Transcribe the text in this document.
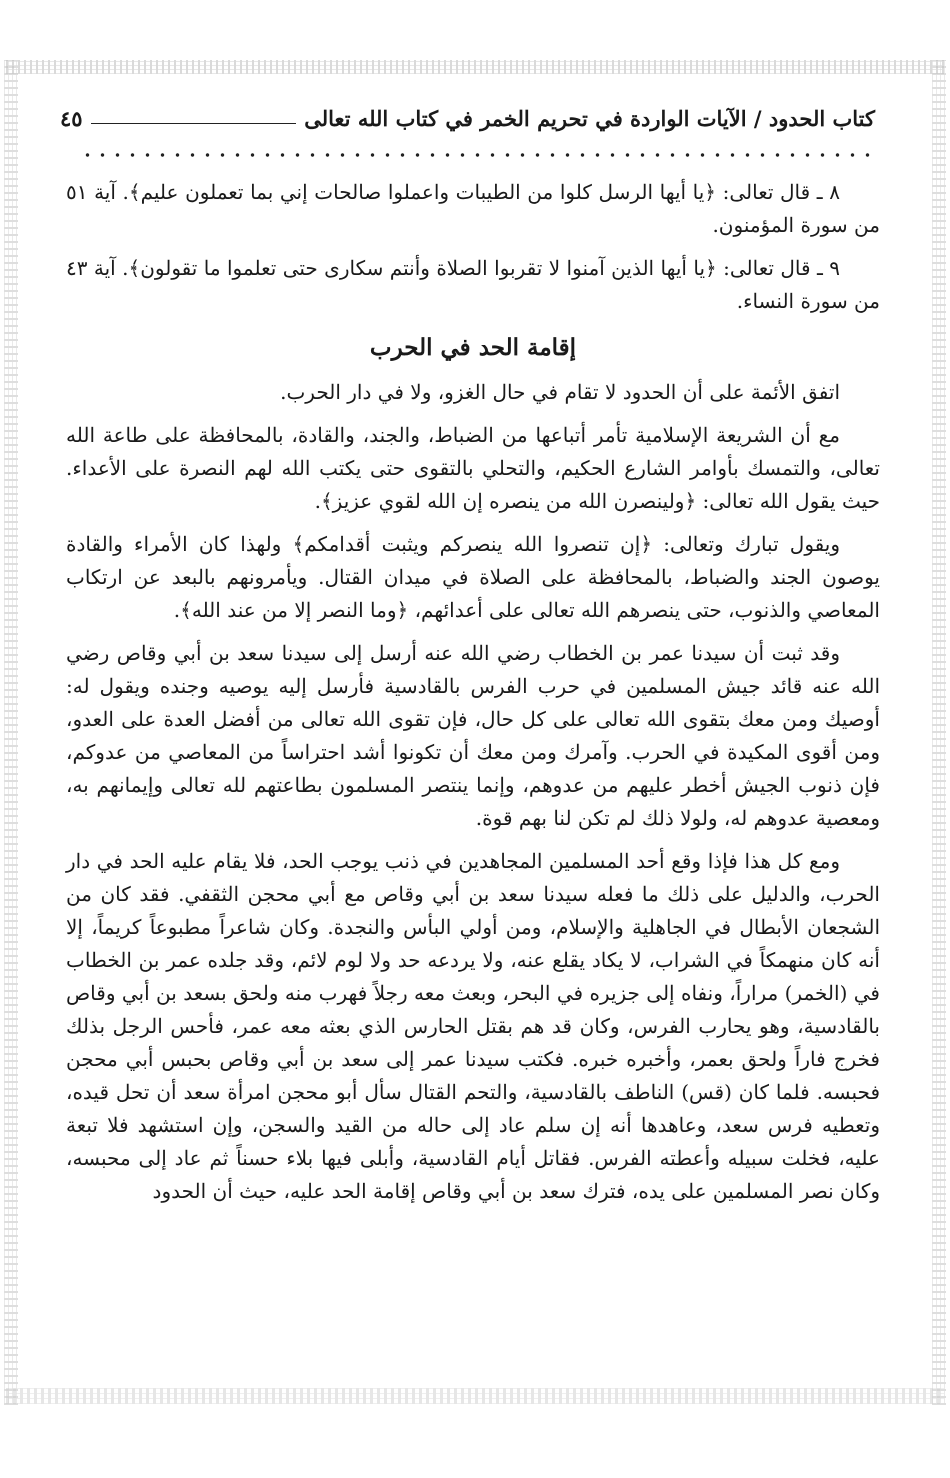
كتاب الحدود / الآيات الواردة في تحريم الخمر في كتاب الله تعالى
٤٥

٨ ـ قال تعالى: ﴿يا أيها الرسل كلوا من الطيبات واعملوا صالحات إني بما تعملون عليم﴾. آية ٥١ من سورة المؤمنون.

٩ ـ قال تعالى: ﴿يا أيها الذين آمنوا لا تقربوا الصلاة وأنتم سكارى حتى تعلموا ما تقولون﴾. آية ٤٣ من سورة النساء.

إقامة الحد في الحرب

اتفق الأئمة على أن الحدود لا تقام في حال الغزو، ولا في دار الحرب.

مع أن الشريعة الإسلامية تأمر أتباعها من الضباط، والجند، والقادة، بالمحافظة على طاعة الله تعالى، والتمسك بأوامر الشارع الحكيم، والتحلي بالتقوى حتى يكتب الله لهم النصرة على الأعداء. حيث يقول الله تعالى: ﴿ولينصرن الله من ينصره إن الله لقوي عزيز﴾.

ويقول تبارك وتعالى: ﴿إن تنصروا الله ينصركم ويثبت أقدامكم﴾ ولهذا كان الأمراء والقادة يوصون الجند والضباط، بالمحافظة على الصلاة في ميدان القتال. ويأمرونهم بالبعد عن ارتكاب المعاصي والذنوب، حتى ينصرهم الله تعالى على أعدائهم، ﴿وما النصر إلا من عند الله﴾.

وقد ثبت أن سيدنا عمر بن الخطاب رضي الله عنه أرسل إلى سيدنا سعد بن أبي وقاص رضي الله عنه قائد جيش المسلمين في حرب الفرس بالقادسية فأرسل إليه يوصيه وجنده ويقول له: أوصيك ومن معك بتقوى الله تعالى على كل حال، فإن تقوى الله تعالى من أفضل العدة على العدو، ومن أقوى المكيدة في الحرب. وآمرك ومن معك أن تكونوا أشد احتراساً من المعاصي من عدوكم، فإن ذنوب الجيش أخطر عليهم من عدوهم، وإنما ينتصر المسلمون بطاعتهم لله تعالى وإيمانهم به، ومعصية عدوهم له، ولولا ذلك لم تكن لنا بهم قوة.

ومع كل هذا فإذا وقع أحد المسلمين المجاهدين في ذنب يوجب الحد، فلا يقام عليه الحد في دار الحرب، والدليل على ذلك ما فعله سيدنا سعد بن أبي وقاص مع أبي محجن الثقفي. فقد كان من الشجعان الأبطال في الجاهلية والإسلام، ومن أولي البأس والنجدة. وكان شاعراً مطبوعاً كريماً، إلا أنه كان منهمكاً في الشراب، لا يكاد يقلع عنه، ولا يردعه حد ولا لوم لائم، وقد جلده عمر بن الخطاب في (الخمر) مراراً، ونفاه إلى جزيره في البحر، وبعث معه رجلاً فهرب منه ولحق بسعد بن أبي وقاص بالقادسية، وهو يحارب الفرس، وكان قد هم بقتل الحارس الذي بعثه معه عمر، فأحس الرجل بذلك فخرج فاراً ولحق بعمر، وأخبره خبره. فكتب سيدنا عمر إلى سعد بن أبي وقاص بحبس أبي محجن فحبسه. فلما كان (قس) الناطف بالقادسية، والتحم القتال سأل أبو محجن امرأة سعد أن تحل قيده، وتعطيه فرس سعد، وعاهدها أنه إن سلم عاد إلى حاله من القيد والسجن، وإن استشهد فلا تبعة عليه، فخلت سبيله وأعطته الفرس. فقاتل أيام القادسية، وأبلى فيها بلاء حسناً ثم عاد إلى محبسه، وكان نصر المسلمين على يده، فترك سعد بن أبي وقاص إقامة الحد عليه، حيث أن الحدود
